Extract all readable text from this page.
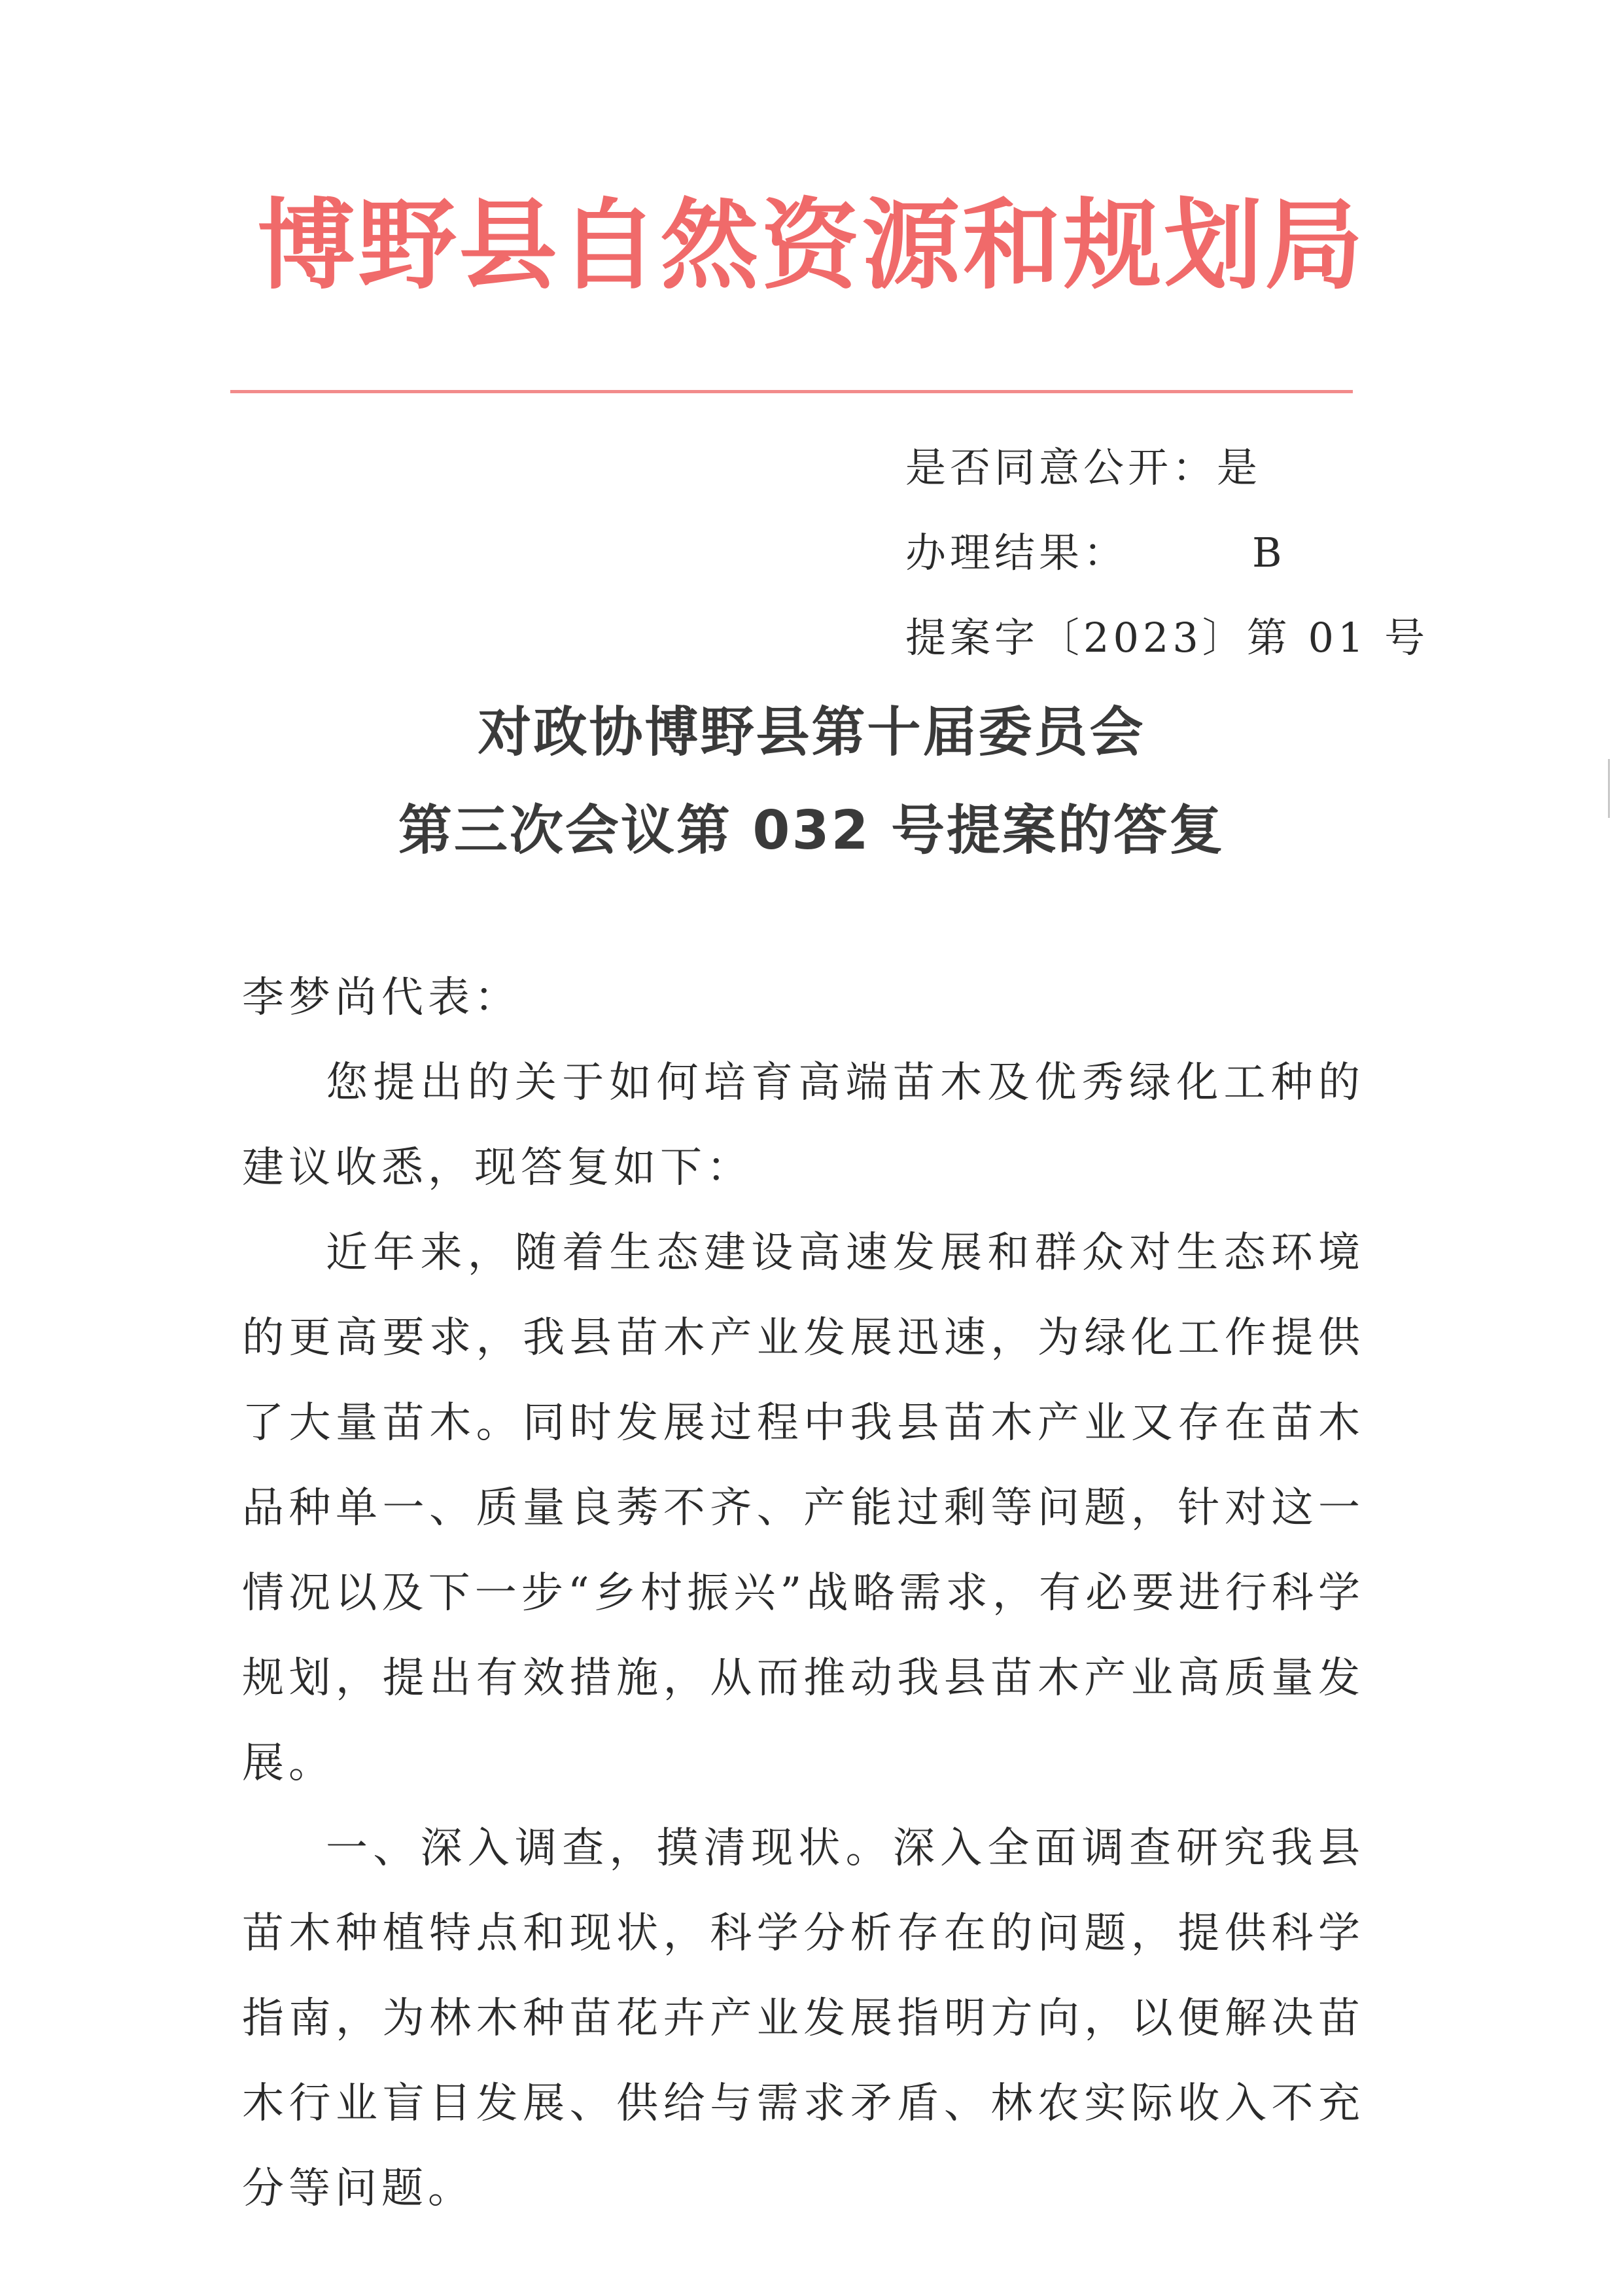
博野县自然资源和规划局
是否同意公开：是
办理结果：	B
提案字〔2023〕第 01 号
对政协博野县第十届委员会
第三次会议第 032 号提案的答复

李梦尚代表：

您提出的关于如何培育高端苗木及优秀绿化工种的建议收悉，现答复如下：

近年来，随着生态建设高速发展和群众对生态环境的更高要求，我县苗木产业发展迅速，为绿化工作提供了大量苗木。同时发展过程中我县苗木产业又存在苗木品种单一、质量良莠不齐、产能过剩等问题，针对这一情况以及下一步“乡村振兴”战略需求，有必要进行科学规划，提出有效措施，从而推动我县苗木产业高质量发展。

一、深入调查，摸清现状。深入全面调查研究我县苗木种植特点和现状，科学分析存在的问题，提供科学指南，为林木种苗花卉产业发展指明方向，以便解决苗木行业盲目发展、供给与需求矛盾、林农实际收入不充分等问题。
